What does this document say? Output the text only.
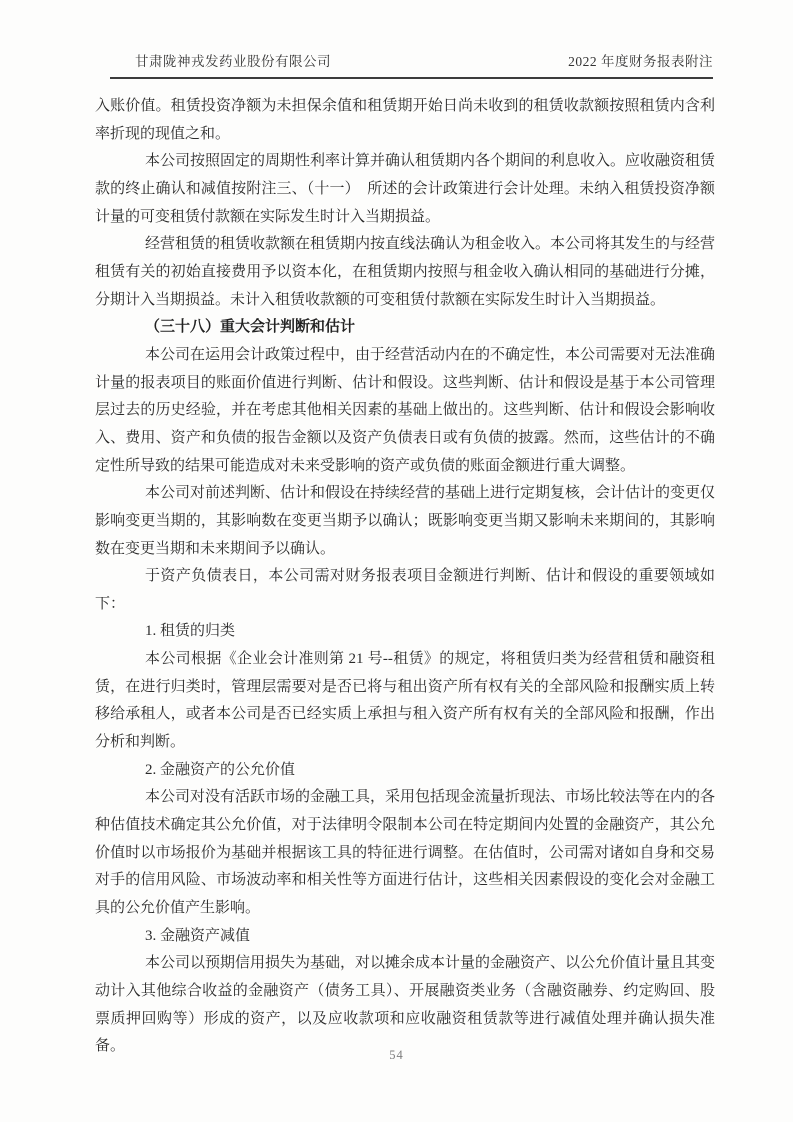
甘肃陇神戎发药业股份有限公司	2022 年度财务报表附注

入账价值。租赁投资净额为未担保余值和租赁期开始日尚未收到的租赁收款额按照租赁内含利率折现的现值之和。

本公司按照固定的周期性利率计算并确认租赁期内各个期间的利息收入。应收融资租赁款的终止确认和减值按附注三、（十一）　所述的会计政策进行会计处理。未纳入租赁投资净额计量的可变租赁付款额在实际发生时计入当期损益。

经营租赁的租赁收款额在租赁期内按直线法确认为租金收入。本公司将其发生的与经营租赁有关的初始直接费用予以资本化，在租赁期内按照与租金收入确认相同的基础进行分摊，分期计入当期损益。未计入租赁收款额的可变租赁付款额在实际发生时计入当期损益。

（三十八）重大会计判断和估计

本公司在运用会计政策过程中，由于经营活动内在的不确定性，本公司需要对无法准确计量的报表项目的账面价值进行判断、估计和假设。这些判断、估计和假设是基于本公司管理层过去的历史经验，并在考虑其他相关因素的基础上做出的。这些判断、估计和假设会影响收入、费用、资产和负债的报告金额以及资产负债表日或有负债的披露。然而，这些估计的不确定性所导致的结果可能造成对未来受影响的资产或负债的账面金额进行重大调整。

本公司对前述判断、估计和假设在持续经营的基础上进行定期复核，会计估计的变更仅影响变更当期的，其影响数在变更当期予以确认；既影响变更当期又影响未来期间的，其影响数在变更当期和未来期间予以确认。

于资产负债表日，本公司需对财务报表项目金额进行判断、估计和假设的重要领域如下：

1. 租赁的归类

本公司根据《企业会计准则第 21 号--租赁》的规定，将租赁归类为经营租赁和融资租赁，在进行归类时，管理层需要对是否已将与租出资产所有权有关的全部风险和报酬实质上转移给承租人，或者本公司是否已经实质上承担与租入资产所有权有关的全部风险和报酬，作出分析和判断。

2. 金融资产的公允价值

本公司对没有活跃市场的金融工具，采用包括现金流量折现法、市场比较法等在内的各种估值技术确定其公允价值，对于法律明令限制本公司在特定期间内处置的金融资产，其公允价值时以市场报价为基础并根据该工具的特征进行调整。在估值时，公司需对诸如自身和交易对手的信用风险、市场波动率和相关性等方面进行估计，这些相关因素假设的变化会对金融工具的公允价值产生影响。

3. 金融资产减值

本公司以预期信用损失为基础，对以摊余成本计量的金融资产、以公允价值计量且其变动计入其他综合收益的金融资产（债务工具）、开展融资类业务（含融资融券、约定购回、股票质押回购等）形成的资产，以及应收款项和应收融资租赁款等进行减值处理并确认损失准备。

54
